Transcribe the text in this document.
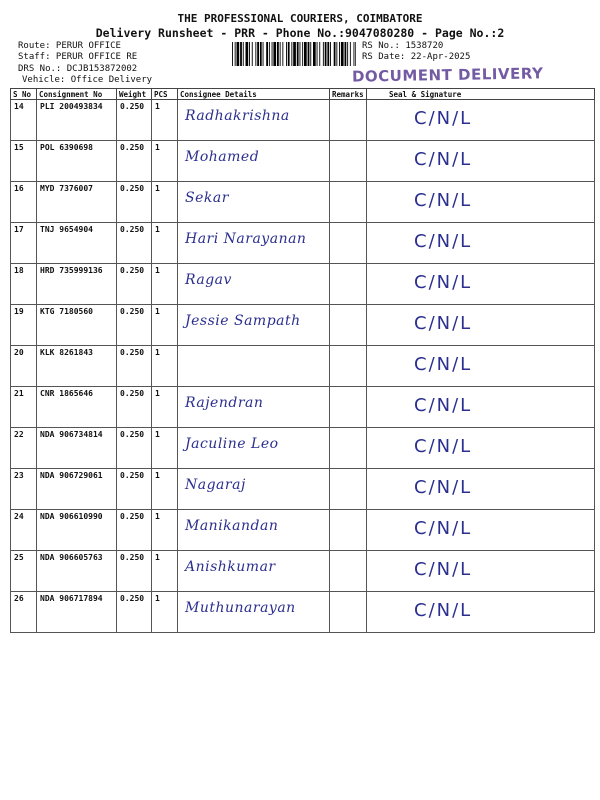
THE PROFESSIONAL COURIERS, COIMBATORE
Delivery Runsheet - PRR - Phone No.:9047080280 - Page No.:2
Route: PERUR OFFICE
Staff: PERUR OFFICE RE
DRS No.: DCJB153872002
Vehicle: Office Delivery
RS No.: 1538720
RS Date: 22-Apr-2025
DOCUMENT DELIVERY
S No	Consignment No	Weight	PCS	Consignee Details	Remarks	Seal & Signature
14	PLI 200493834	0.250	1	Radhakrishna		C/N/L

15	POL 6390698	0.250	1	Mohamed		C/N/L

16	MYD 7376007	0.250	1	Sekar		C/N/L

17	TNJ 9654904	0.250	1	Hari Narayanan		C/N/L

18	HRD 735999136	0.250	1	Ragav		C/N/L

19	KTG 7180560	0.250	1	Jessie Sampath		C/N/L

20	KLK 8261843	0.250	1			C/N/L

21	CNR 1865646	0.250	1	Rajendran		C/N/L

22	NDA 906734814	0.250	1	Jaculine Leo		C/N/L

23	NDA 906729061	0.250	1	Nagaraj		C/N/L

24	NDA 906610990	0.250	1	Manikandan		C/N/L

25	NDA 906605763	0.250	1	Anishkumar		C/N/L

26	NDA 906717894	0.250	1	Muthunarayan		C/N/L
